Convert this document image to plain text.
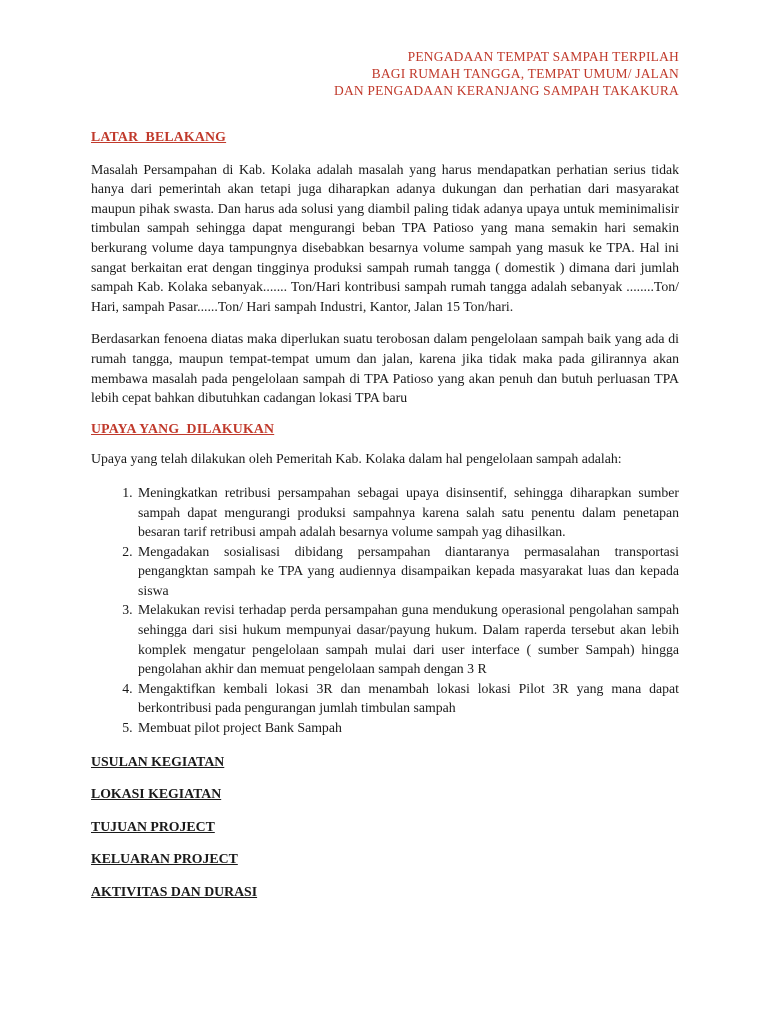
PENGADAAN TEMPAT SAMPAH TERPILAH
BAGI RUMAH TANGGA, TEMPAT UMUM/ JALAN
DAN PENGADAAN KERANJANG SAMPAH TAKAKURA

LATAR  BELAKANG

Masalah Persampahan di Kab. Kolaka adalah masalah yang harus mendapatkan perhatian serius tidak hanya dari pemerintah akan tetapi juga diharapkan adanya dukungan dan perhatian dari masyarakat maupun pihak swasta. Dan harus ada solusi yang diambil paling tidak adanya upaya untuk meminimalisir timbulan sampah sehingga dapat mengurangi beban TPA Patioso yang mana semakin hari semakin berkurang volume daya tampungnya disebabkan besarnya volume sampah yang masuk ke TPA. Hal ini sangat berkaitan erat dengan tingginya produksi sampah rumah tangga ( domestik ) dimana dari jumlah sampah Kab. Kolaka sebanyak....... Ton/Hari kontribusi sampah rumah tangga adalah sebanyak ........Ton/ Hari, sampah Pasar......Ton/ Hari sampah Industri, Kantor, Jalan 15 Ton/hari.

Berdasarkan fenoena diatas maka diperlukan suatu terobosan dalam pengelolaan sampah baik yang ada di rumah tangga, maupun tempat-tempat umum dan jalan, karena jika tidak maka pada gilirannya akan membawa masalah pada pengelolaan sampah di TPA Patioso yang akan penuh dan butuh perluasan TPA lebih cepat bahkan dibutuhkan cadangan lokasi TPA baru

UPAYA YANG  DILAKUKAN

Upaya yang telah dilakukan oleh Pemeritah Kab. Kolaka dalam hal pengelolaan sampah adalah:

1. Meningkatkan retribusi persampahan sebagai upaya disinsentif, sehingga diharapkan sumber sampah dapat mengurangi produksi sampahnya karena salah satu penentu dalam penetapan besaran tarif retribusi ampah adalah besarnya volume sampah yag dihasilkan.
2. Mengadakan sosialisasi dibidang persampahan diantaranya permasalahan transportasi pengangktan sampah ke TPA yang audiennya disampaikan kepada masyarakat luas dan kepada siswa
3. Melakukan revisi terhadap perda persampahan guna mendukung operasional pengolahan sampah sehingga dari sisi hukum mempunyai dasar/payung hukum. Dalam raperda tersebut akan lebih komplek mengatur pengelolaan sampah mulai dari user interface ( sumber Sampah) hingga pengolahan akhir dan memuat pengelolaan sampah dengan 3 R
4. Mengaktifkan kembali lokasi 3R dan menambah lokasi lokasi Pilot 3R yang mana dapat berkontribusi pada pengurangan jumlah timbulan sampah
5. Membuat pilot project Bank Sampah

USULAN KEGIATAN

LOKASI KEGIATAN

TUJUAN PROJECT

KELUARAN PROJECT

AKTIVITAS DAN DURASI
